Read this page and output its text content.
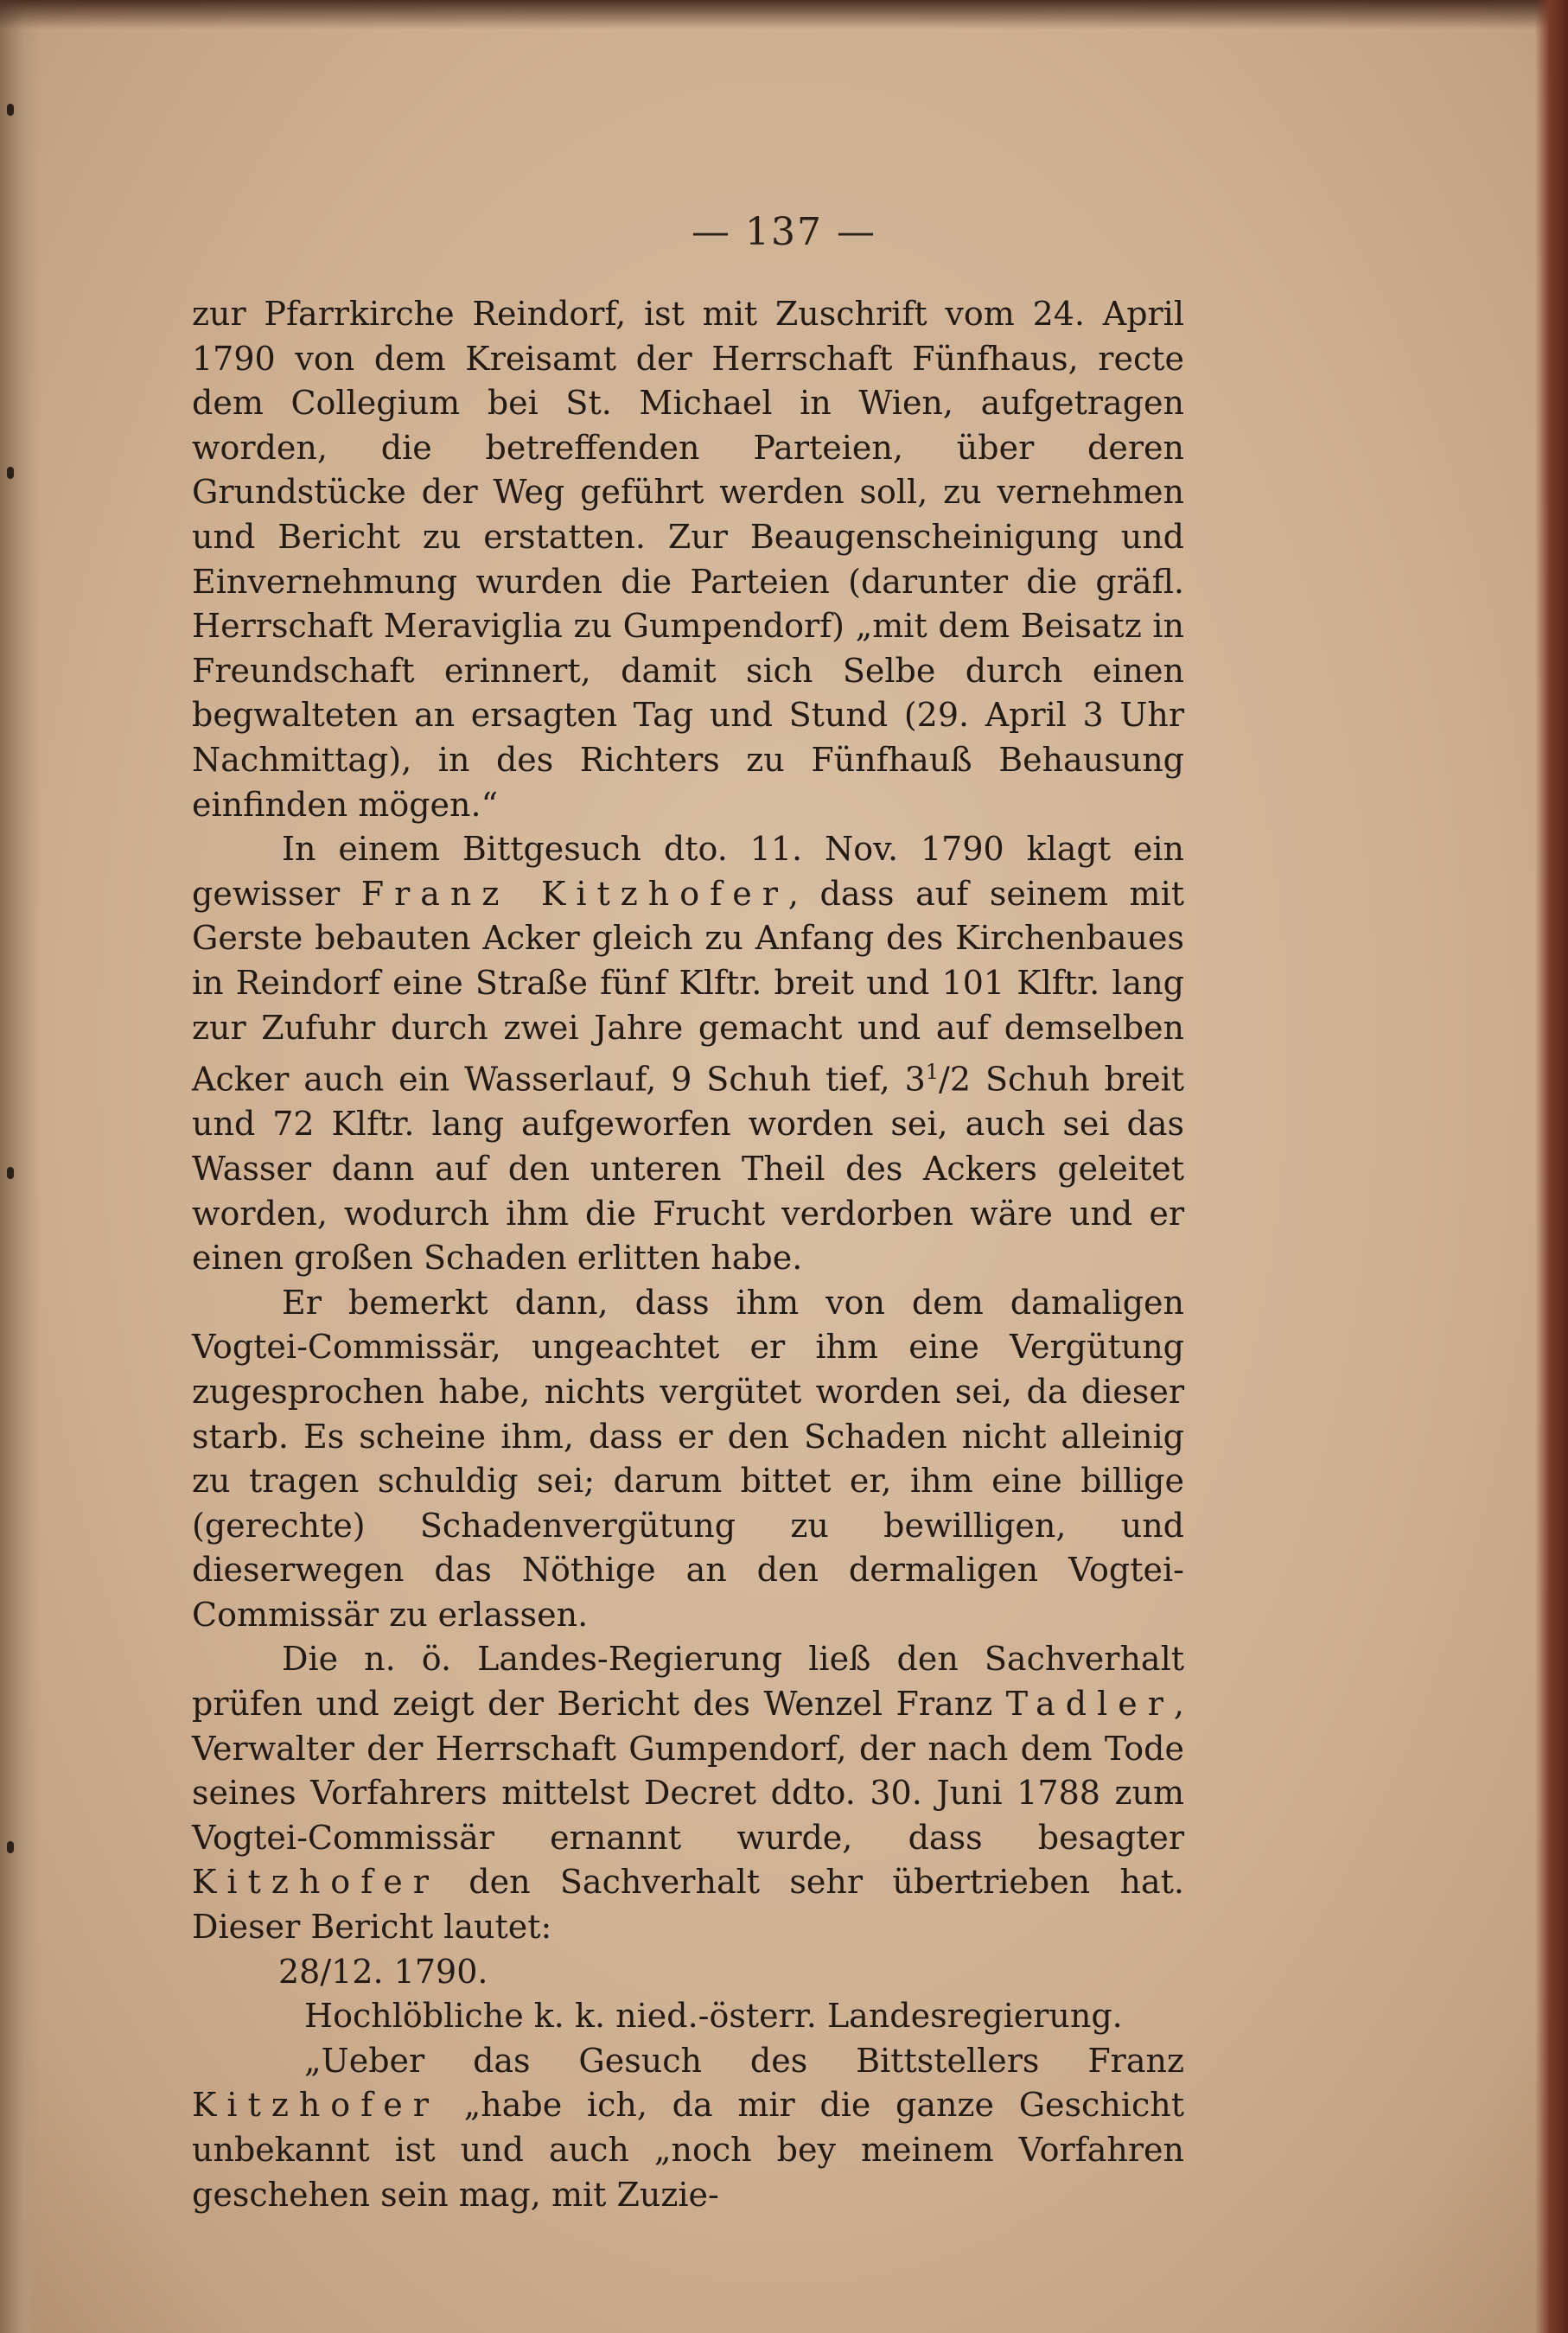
— 137 —

zur Pfarrkirche Reindorf, ist mit Zuschrift vom 24. April 1790 von dem Kreisamt der Herrschaft Fünfhaus, recte dem Collegium bei St. Michael in Wien, aufgetragen worden, die betreffenden Parteien, über deren Grundstücke der Weg geführt werden soll, zu vernehmen und Bericht zu erstatten. Zur Beaugenscheinigung und Einvernehmung wurden die Parteien (darunter die gräfl. Herrschaft Meraviglia zu Gumpendorf) „mit dem Beisatz in Freundschaft erinnert, damit sich Selbe durch einen begwalteten an ersagten Tag und Stund (29. April 3 Uhr Nachmittag), in des Richters zu Fünfhauß Behausung einfinden mögen.“

In einem Bittgesuch dto. 11. Nov. 1790 klagt ein gewisser Franz Kitzhofer, dass auf seinem mit Gerste bebauten Acker gleich zu Anfang des Kirchenbaues in Reindorf eine Straße fünf Klftr. breit und 101 Klftr. lang zur Zufuhr durch zwei Jahre gemacht und auf demselben Acker auch ein Wasserlauf, 9 Schuh tief, $3^1/2$ Schuh breit und 72 Klftr. lang aufgeworfen worden sei, auch sei das Wasser dann auf den unteren Theil des Ackers geleitet worden, wodurch ihm die Frucht verdorben wäre und er einen großen Schaden erlitten habe.

Er bemerkt dann, dass ihm von dem damaligen Vogtei-Commissär, ungeachtet er ihm eine Vergütung zugesprochen habe, nichts vergütet worden sei, da dieser starb. Es scheine ihm, dass er den Schaden nicht alleinig zu tragen schuldig sei; darum bittet er, ihm eine billige (gerechte) Schadenvergütung zu bewilligen, und dieserwegen das Nöthige an den dermaligen Vogtei-Commissär zu erlassen.

Die n. ö. Landes-Regierung ließ den Sachverhalt prüfen und zeigt der Bericht des Wenzel Franz Tadler, Verwalter der Herrschaft Gumpendorf, der nach dem Tode seines Vorfahrers mittelst Decret ddto. 30. Juni 1788 zum Vogtei-Commissär ernannt wurde, dass besagter Kitzhofer den Sachverhalt sehr übertrieben hat. Dieser Bericht lautet:

28/12. 1790.

Hochlöbliche k. k. nied.-österr. Landesregierung.

„Ueber das Gesuch des Bittstellers Franz Kitzhofer „habe ich, da mir die ganze Geschicht unbekannt ist und auch „noch bey meinem Vorfahren geschehen sein mag, mit Zuzie-
